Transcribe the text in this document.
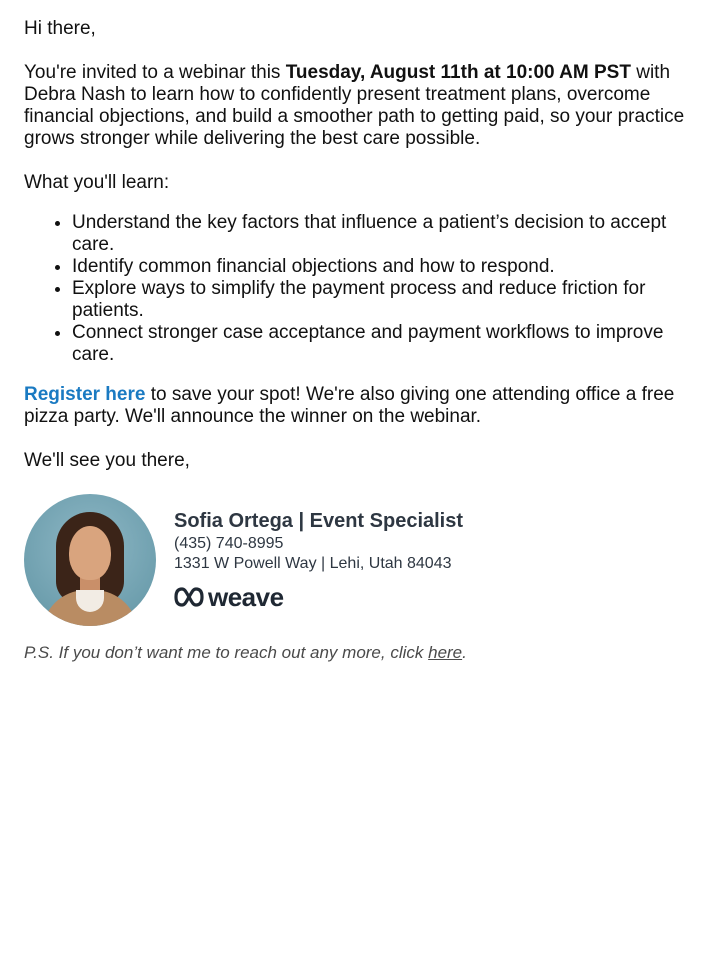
Hi there,

You're invited to a webinar this Tuesday, August 11th at 10:00 AM PST with Debra Nash to learn how to confidently present treatment plans, overcome financial objections, and build a smoother path to getting paid, so your practice grows stronger while delivering the best care possible.

What you'll learn:

• Understand the key factors that influence a patient’s decision to accept care.
• Identify common financial objections and how to respond.
• Explore ways to simplify the payment process and reduce friction for patients.
• Connect stronger case acceptance and payment workflows to improve care.

Register here to save your spot! We're also giving one attending office a free pizza party. We'll announce the winner on the webinar.

We'll see you there,

Sofia Ortega | Event Specialist
(435) 740-8995
1331 W Powell Way | Lehi, Utah 84043
weave

P.S. If you don’t want me to reach out any more, click here.
